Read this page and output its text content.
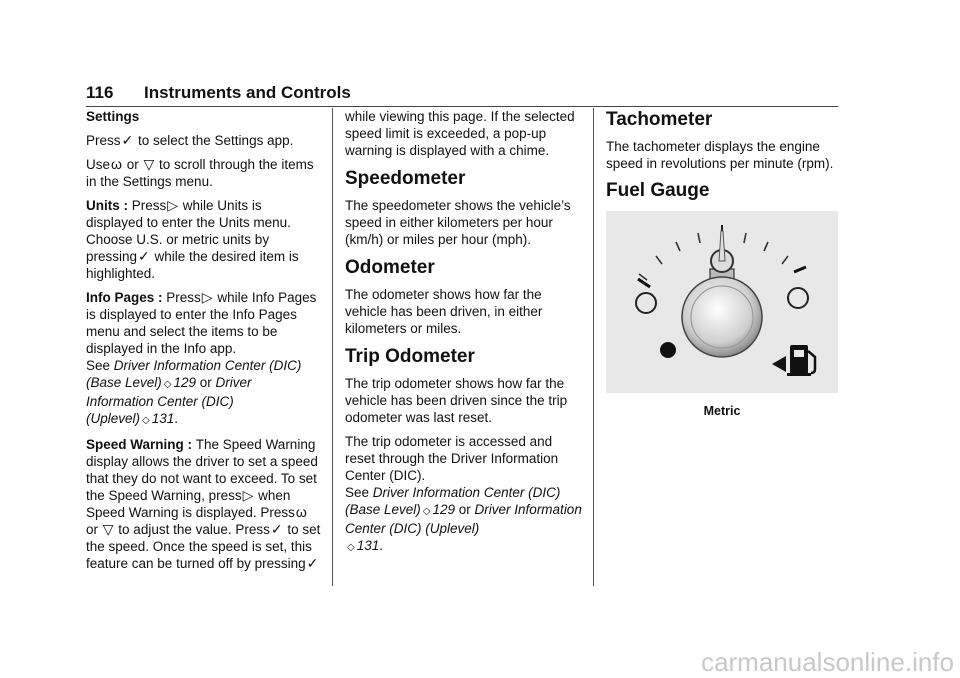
116 Instruments and Controls

Settings

Press✓ to select the Settings app.

Useω or ▽ to scroll through the items in the Settings menu.

Units : Press▷ while Units is displayed to enter the Units menu. Choose U.S. or metric units by pressing✓ while the desired item is highlighted.

Info Pages : Press▷ while Info Pages is displayed to enter the Info Pages menu and select the items to be displayed in the Info app.
See Driver Information Center (DIC) (Base Level) ◇ 129 or Driver Information Center (DIC) (Uplevel) ◇ 131.

Speed Warning : The Speed Warning display allows the driver to set a speed that they do not want to exceed. To set the Speed Warning, press▷ when Speed Warning is displayed. Pressω or ▽ to adjust the value. Press✓ to set the speed. Once the speed is set, this feature can be turned off by pressing✓

while viewing this page. If the selected speed limit is exceeded, a pop-up warning is displayed with a chime.

Speedometer

The speedometer shows the vehicle’s speed in either kilometers per hour (km/h) or miles per hour (mph).

Odometer

The odometer shows how far the vehicle has been driven, in either kilometers or miles.

Trip Odometer

The trip odometer shows how far the vehicle has been driven since the trip odometer was last reset.

The trip odometer is accessed and reset through the Driver Information Center (DIC).
See Driver Information Center (DIC) (Base Level) ◇ 129 or Driver Information Center (DIC) (Uplevel)
◇ 131.

Tachometer

The tachometer displays the engine speed in revolutions per minute (rpm).

Fuel Gauge
Metric
carmanualsonline.info
